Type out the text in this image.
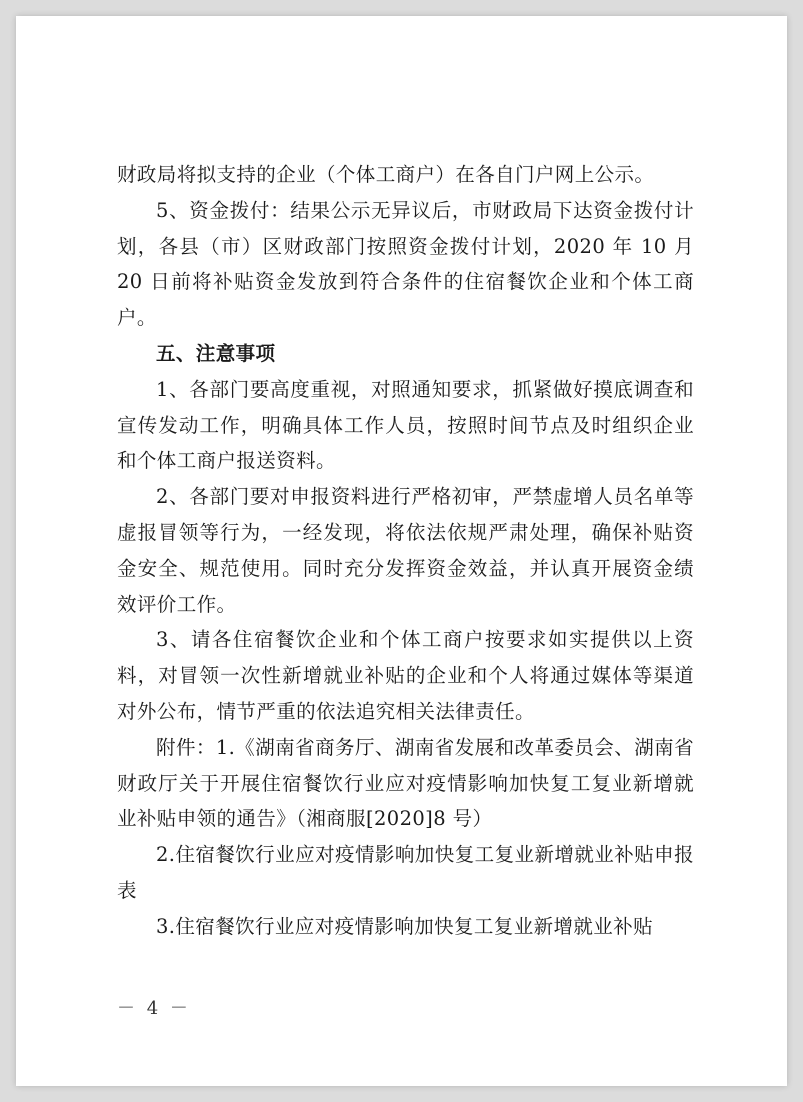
财政局将拟支持的企业（个体工商户）在各自门户网上公示。

5、资金拨付：结果公示无异议后，市财政局下达资金拨付计划，各县（市）区财政部门按照资金拨付计划，2020 年 10 月 20 日前将补贴资金发放到符合条件的住宿餐饮企业和个体工商户。

五、注意事项

1、各部门要高度重视，对照通知要求，抓紧做好摸底调查和宣传发动工作，明确具体工作人员，按照时间节点及时组织企业和个体工商户报送资料。

2、各部门要对申报资料进行严格初审，严禁虚增人员名单等虚报冒领等行为，一经发现，将依法依规严肃处理，确保补贴资金安全、规范使用。同时充分发挥资金效益，并认真开展资金绩效评价工作。

3、请各住宿餐饮企业和个体工商户按要求如实提供以上资料，对冒领一次性新增就业补贴的企业和个人将通过媒体等渠道对外公布，情节严重的依法追究相关法律责任。

附件：1.《湖南省商务厅、湖南省发展和改革委员会、湖南省财政厅关于开展住宿餐饮行业应对疫情影响加快复工复业新增就业补贴申领的通告》（湘商服[2020]8 号）

2.住宿餐饮行业应对疫情影响加快复工复业新增就业补贴申报表

3.住宿餐饮行业应对疫情影响加快复工复业新增就业补贴

－ 4 －
